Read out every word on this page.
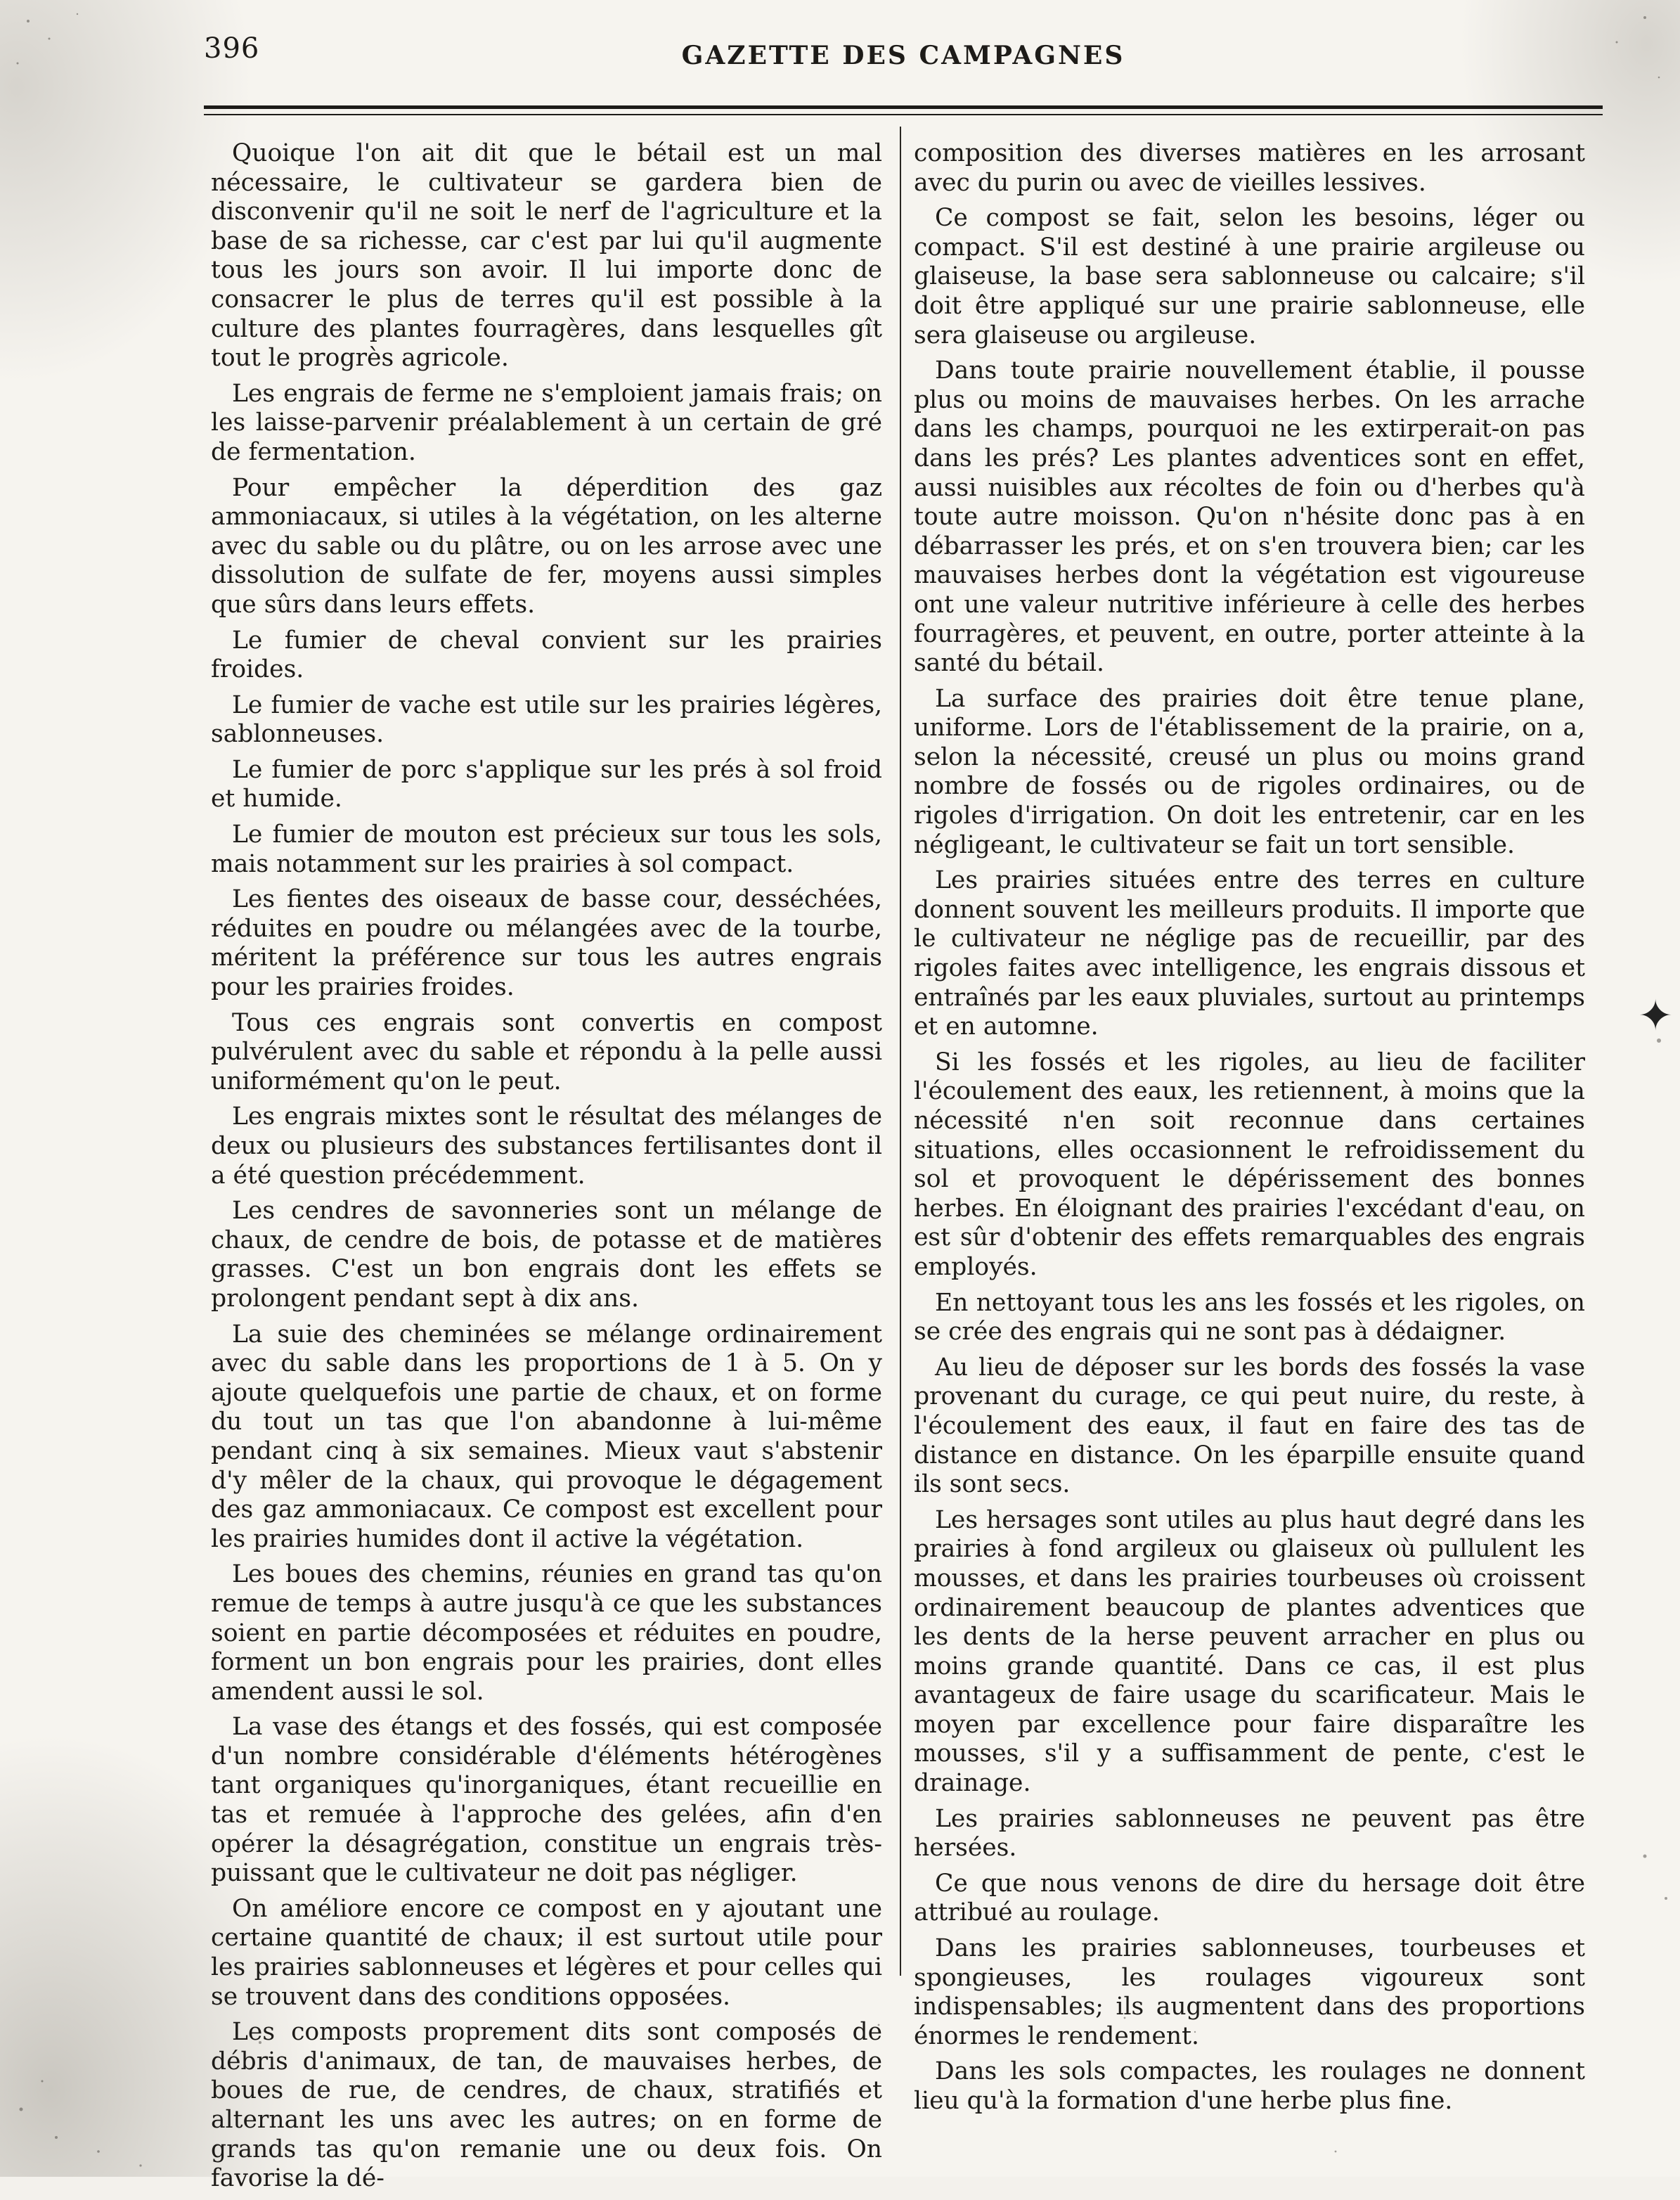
396	GAZETTE DES CAMPAGNES

Quoique l'on ait dit que le bétail est un mal nécessaire, le cultivateur se gardera bien de disconvenir qu'il ne soit le nerf de l'agriculture et la base de sa richesse, car c'est par lui qu'il augmente tous les jours son avoir. Il lui importe donc de consacrer le plus de terres qu'il est possible à la culture des plantes fourragères, dans lesquelles gît tout le progrès agricole.

Les engrais de ferme ne s'emploient jamais frais; on les laisse-parvenir préalablement à un certain de gré de fermentation.

Pour empêcher la déperdition des gaz ammoniacaux, si utiles à la végétation, on les alterne avec du sable ou du plâtre, ou on les arrose avec une dissolution de sulfate de fer, moyens aussi simples que sûrs dans leurs effets.

Le fumier de cheval convient sur les prairies froides.

Le fumier de vache est utile sur les prairies légères, sablonneuses.

Le fumier de porc s'applique sur les prés à sol froid et humide.

Le fumier de mouton est précieux sur tous les sols, mais notamment sur les prairies à sol compact.

Les fientes des oiseaux de basse cour, desséchées, réduites en poudre ou mélangées avec de la tourbe, méritent la préférence sur tous les autres engrais pour les prairies froides.

Tous ces engrais sont convertis en compost pulvérulent avec du sable et répondu à la pelle aussi uniformément qu'on le peut.

Les engrais mixtes sont le résultat des mélanges de deux ou plusieurs des substances fertilisantes dont il a été question précédemment.

Les cendres de savonneries sont un mélange de chaux, de cendre de bois, de potasse et de matières grasses. C'est un bon engrais dont les effets se prolongent pendant sept à dix ans.

La suie des cheminées se mélange ordinairement avec du sable dans les proportions de 1 à 5. On y ajoute quelquefois une partie de chaux, et on forme du tout un tas que l'on abandonne à lui-même pendant cinq à six semaines. Mieux vaut s'abstenir d'y mêler de la chaux, qui provoque le dégagement des gaz ammoniacaux. Ce compost est excellent pour les prairies humides dont il active la végétation.

Les boues des chemins, réunies en grand tas qu'on remue de temps à autre jusqu'à ce que les substances soient en partie décomposées et réduites en poudre, forment un bon engrais pour les prairies, dont elles amendent aussi le sol.

La vase des étangs et des fossés, qui est composée d'un nombre considérable d'éléments hétérogènes tant organiques qu'inorganiques, étant recueillie en tas et remuée à l'approche des gelées, afin d'en opérer la désagrégation, constitue un engrais très-puissant que le cultivateur ne doit pas négliger.

On améliore encore ce compost en y ajoutant une certaine quantité de chaux; il est surtout utile pour les prairies sablonneuses et légères et pour celles qui se trouvent dans des conditions opposées.

Les composts proprement dits sont composés de débris d'animaux, de tan, de mauvaises herbes, de boues de rue, de cendres, de chaux, stratifiés et alternant les uns avec les autres; on en forme de grands tas qu'on remanie une ou deux fois. On favorise la dé-

composition des diverses matières en les arrosant avec du purin ou avec de vieilles lessives.

Ce compost se fait, selon les besoins, léger ou compact. S'il est destiné à une prairie argileuse ou glaiseuse, la base sera sablonneuse ou calcaire; s'il doit être appliqué sur une prairie sablonneuse, elle sera glaiseuse ou argileuse.

Dans toute prairie nouvellement établie, il pousse plus ou moins de mauvaises herbes. On les arrache dans les champs, pourquoi ne les extirperait-on pas dans les prés? Les plantes adventices sont en effet, aussi nuisibles aux récoltes de foin ou d'herbes qu'à toute autre moisson. Qu'on n'hésite donc pas à en débarrasser les prés, et on s'en trouvera bien; car les mauvaises herbes dont la végétation est vigoureuse ont une valeur nutritive inférieure à celle des herbes fourragères, et peuvent, en outre, porter atteinte à la santé du bétail.

La surface des prairies doit être tenue plane, uniforme. Lors de l'établissement de la prairie, on a, selon la nécessité, creusé un plus ou moins grand nombre de fossés ou de rigoles ordinaires, ou de rigoles d'irrigation. On doit les entretenir, car en les négligeant, le cultivateur se fait un tort sensible.

Les prairies situées entre des terres en culture donnent souvent les meilleurs produits. Il importe que le cultivateur ne néglige pas de recueillir, par des rigoles faites avec intelligence, les engrais dissous et entraînés par les eaux pluviales, surtout au printemps et en automne.

Si les fossés et les rigoles, au lieu de faciliter l'écoulement des eaux, les retiennent, à moins que la nécessité n'en soit reconnue dans certaines situations, elles occasionnent le refroidissement du sol et provoquent le dépérissement des bonnes herbes. En éloignant des prairies l'excédant d'eau, on est sûr d'obtenir des effets remarquables des engrais employés.

En nettoyant tous les ans les fossés et les rigoles, on se crée des engrais qui ne sont pas à dédaigner.

Au lieu de déposer sur les bords des fossés la vase provenant du curage, ce qui peut nuire, du reste, à l'écoulement des eaux, il faut en faire des tas de distance en distance. On les éparpille ensuite quand ils sont secs.

Les hersages sont utiles au plus haut degré dans les prairies à fond argileux ou glaiseux où pullulent les mousses, et dans les prairies tourbeuses où croissent ordinairement beaucoup de plantes adventices que les dents de la herse peuvent arracher en plus ou moins grande quantité. Dans ce cas, il est plus avantageux de faire usage du scarificateur. Mais le moyen par excellence pour faire disparaître les mousses, s'il y a suffisamment de pente, c'est le drainage.

Les prairies sablonneuses ne peuvent pas être hersées.

Ce que nous venons de dire du hersage doit être attribué au roulage.

Dans les prairies sablonneuses, tourbeuses et spongieuses, les roulages vigoureux sont indispensables; ils augmentent dans des proportions énormes le rendement.

Dans les sols compactes, les roulages ne donnent lieu qu'à la formation d'une herbe plus fine.

✦
